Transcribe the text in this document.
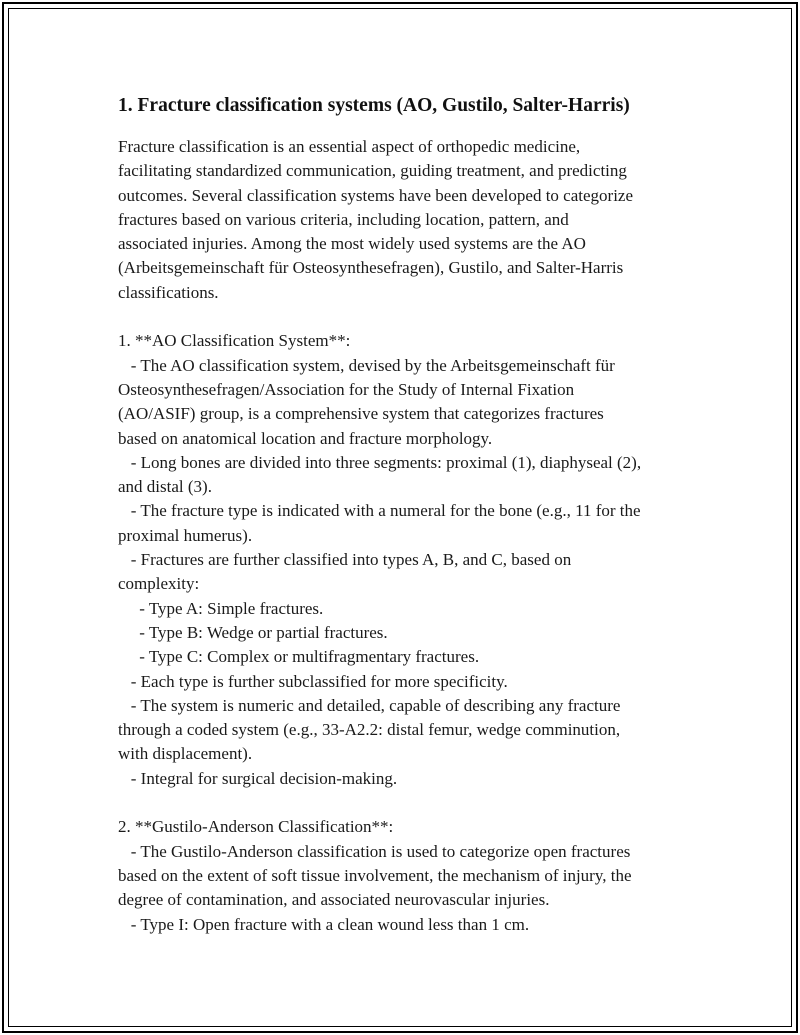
1. Fracture classification systems (AO, Gustilo, Salter-Harris)

Fracture classification is an essential aspect of orthopedic medicine,
facilitating standardized communication, guiding treatment, and predicting
outcomes. Several classification systems have been developed to categorize
fractures based on various criteria, including location, pattern, and
associated injuries. Among the most widely used systems are the AO
(Arbeitsgemeinschaft für Osteosynthesefragen), Gustilo, and Salter-Harris
classifications.

1. **AO Classification System**:
- The AO classification system, devised by the Arbeitsgemeinschaft für
Osteosynthesefragen/Association for the Study of Internal Fixation
(AO/ASIF) group, is a comprehensive system that categorizes fractures
based on anatomical location and fracture morphology.
- Long bones are divided into three segments: proximal (1), diaphyseal (2),
and distal (3).
- The fracture type is indicated with a numeral for the bone (e.g., 11 for the
proximal humerus).
- Fractures are further classified into types A, B, and C, based on
complexity:
- Type A: Simple fractures.
- Type B: Wedge or partial fractures.
- Type C: Complex or multifragmentary fractures.
- Each type is further subclassified for more specificity.
- The system is numeric and detailed, capable of describing any fracture
through a coded system (e.g., 33-A2.2: distal femur, wedge comminution,
with displacement).
- Integral for surgical decision-making.

2. **Gustilo-Anderson Classification**:
- The Gustilo-Anderson classification is used to categorize open fractures
based on the extent of soft tissue involvement, the mechanism of injury, the
degree of contamination, and associated neurovascular injuries.
- Type I: Open fracture with a clean wound less than 1 cm.
